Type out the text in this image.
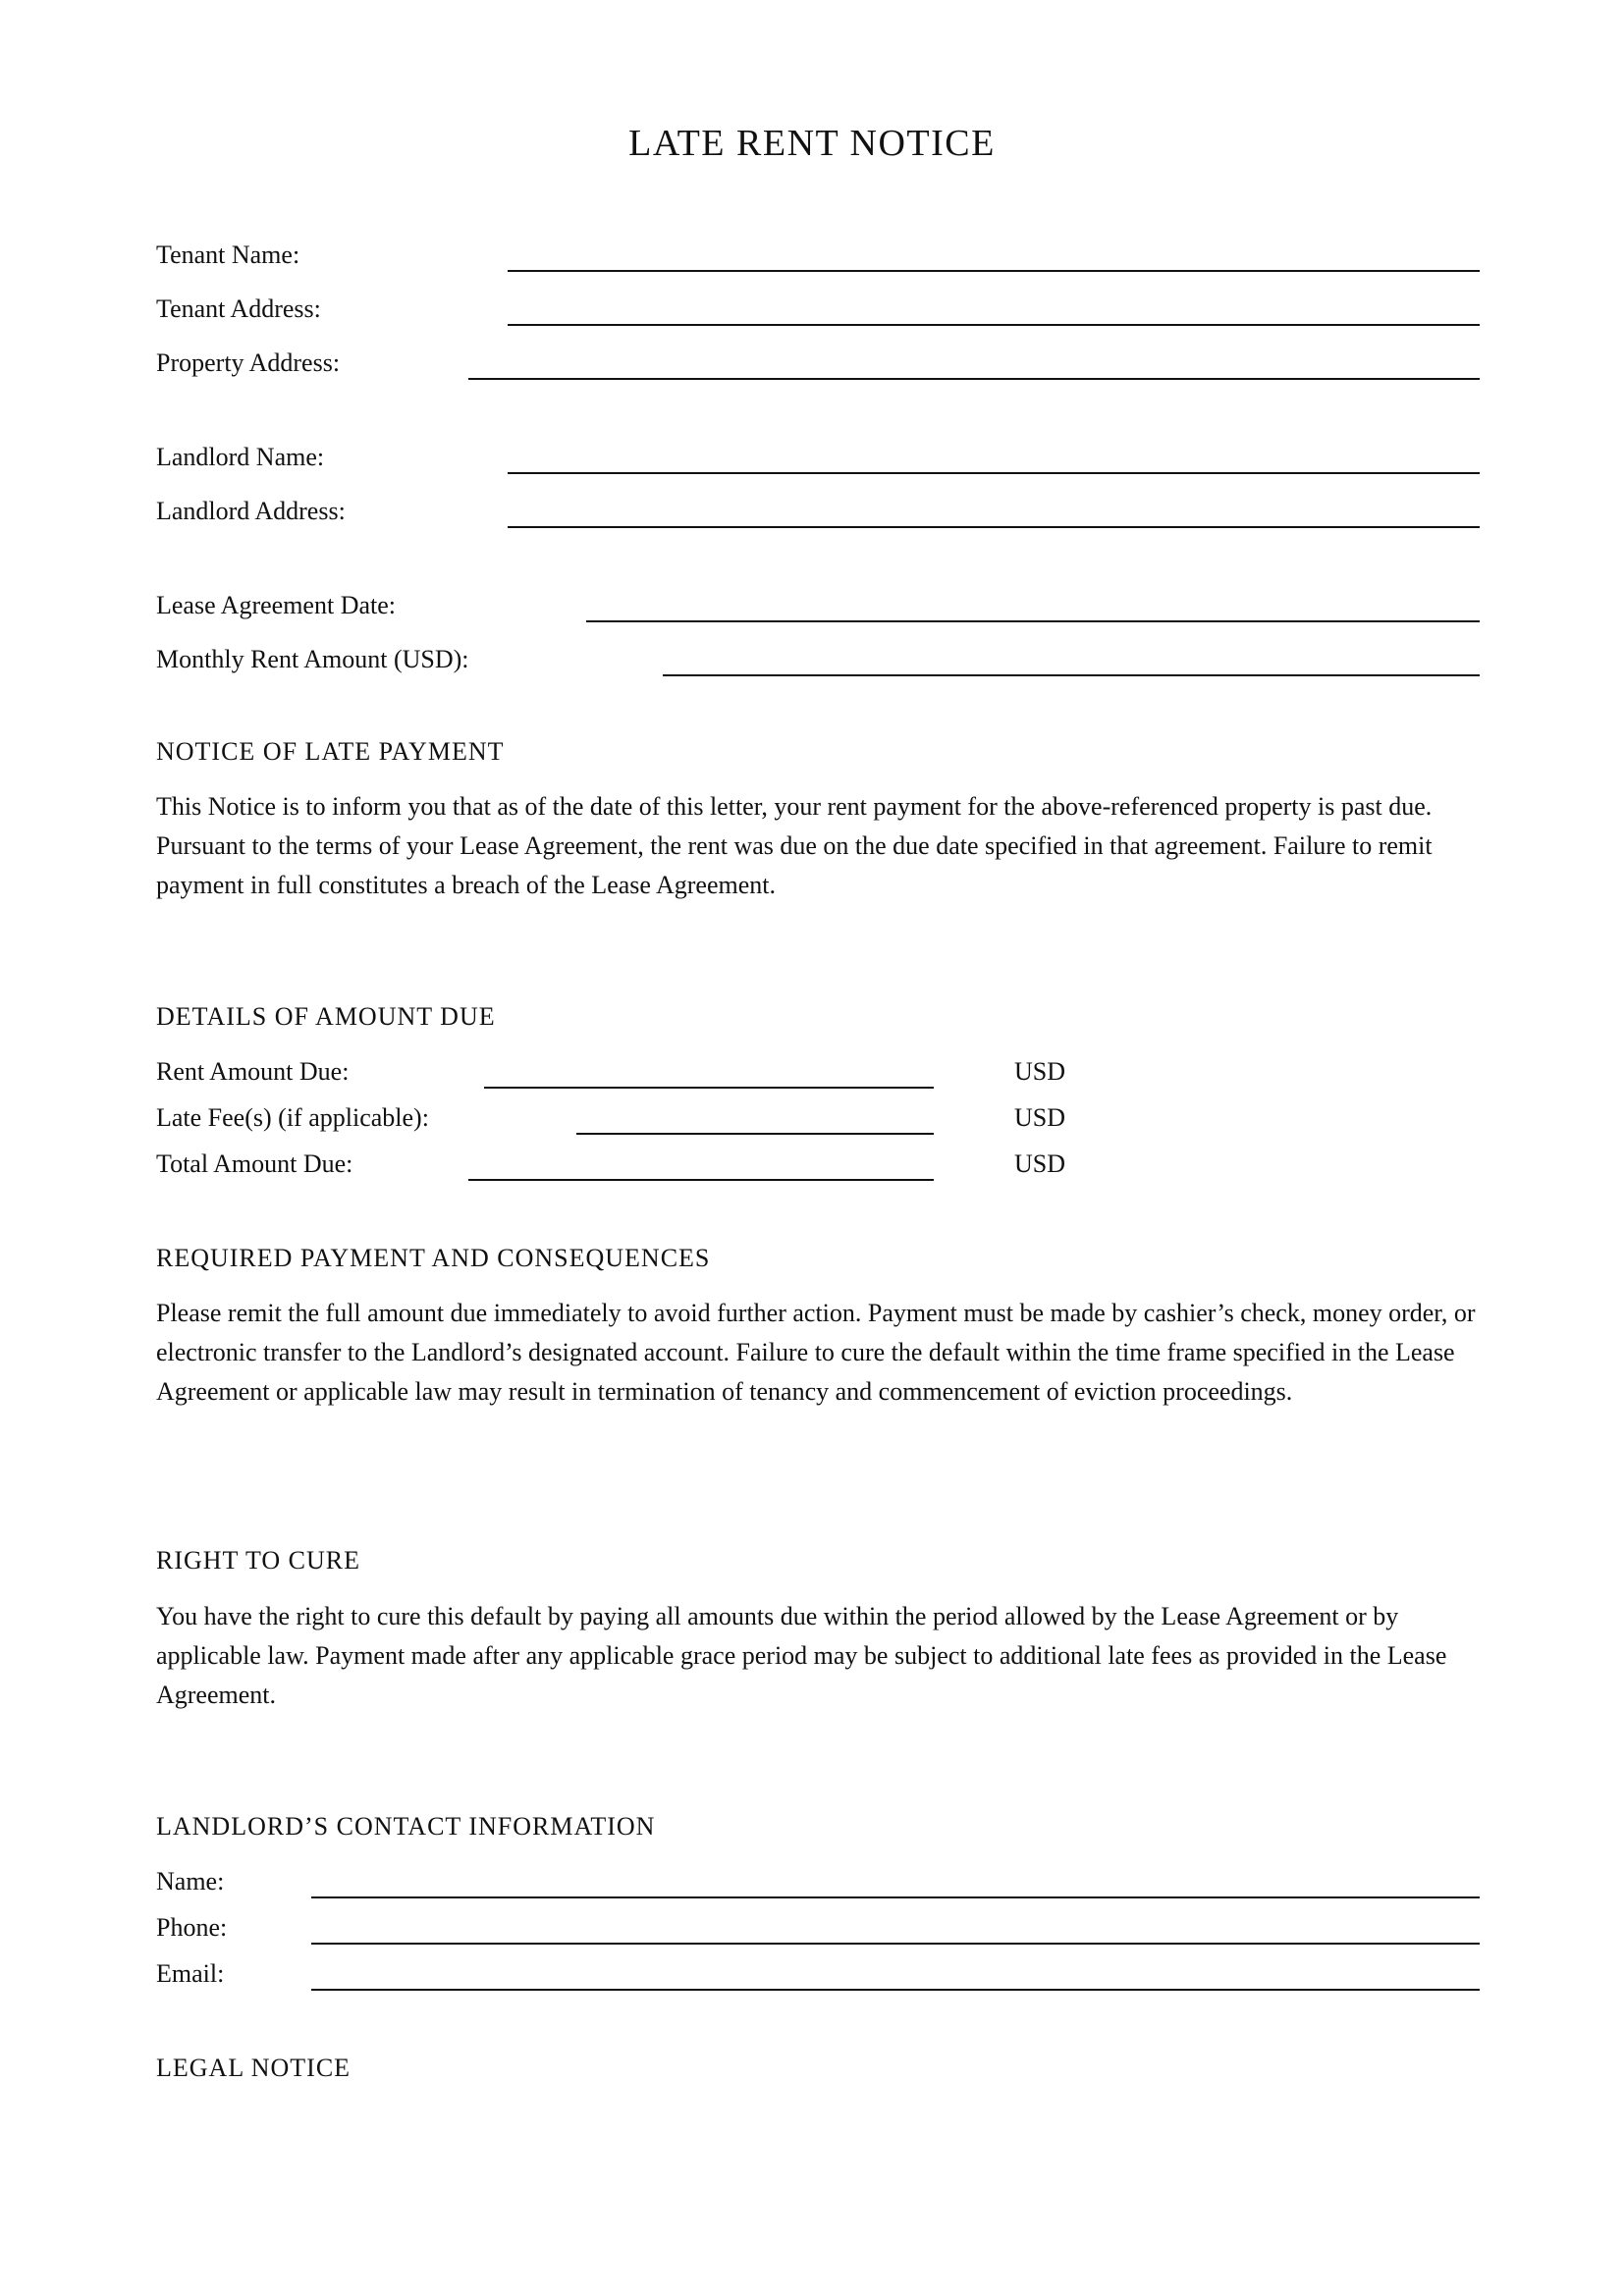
LATE RENT NOTICE
Tenant Name:
Tenant Address:
Property Address:
Landlord Name:
Landlord Address:
Lease Agreement Date:
Monthly Rent Amount (USD):
NOTICE OF LATE PAYMENT

This Notice is to inform you that as of the date of this letter, your rent payment for the above-referenced property is past due. Pursuant to the terms of your Lease Agreement, the rent was due on the due date specified in that agreement. Failure to remit payment in full constitutes a breach of the Lease Agreement.

DETAILS OF AMOUNT DUE
Rent Amount Due:	USD
Late Fee(s) (if applicable):	USD
Total Amount Due:	USD
REQUIRED PAYMENT AND CONSEQUENCES

Please remit the full amount due immediately to avoid further action. Payment must be made by cashier’s check, money order, or electronic transfer to the Landlord’s designated account. Failure to cure the default within the time frame specified in the Lease Agreement or applicable law may result in termination of tenancy and commencement of eviction proceedings.

RIGHT TO CURE

You have the right to cure this default by paying all amounts due within the period allowed by the Lease Agreement or by applicable law. Payment made after any applicable grace period may be subject to additional late fees as provided in the Lease Agreement.

LANDLORD’S CONTACT INFORMATION
Name:
Phone:
Email:
LEGAL NOTICE
